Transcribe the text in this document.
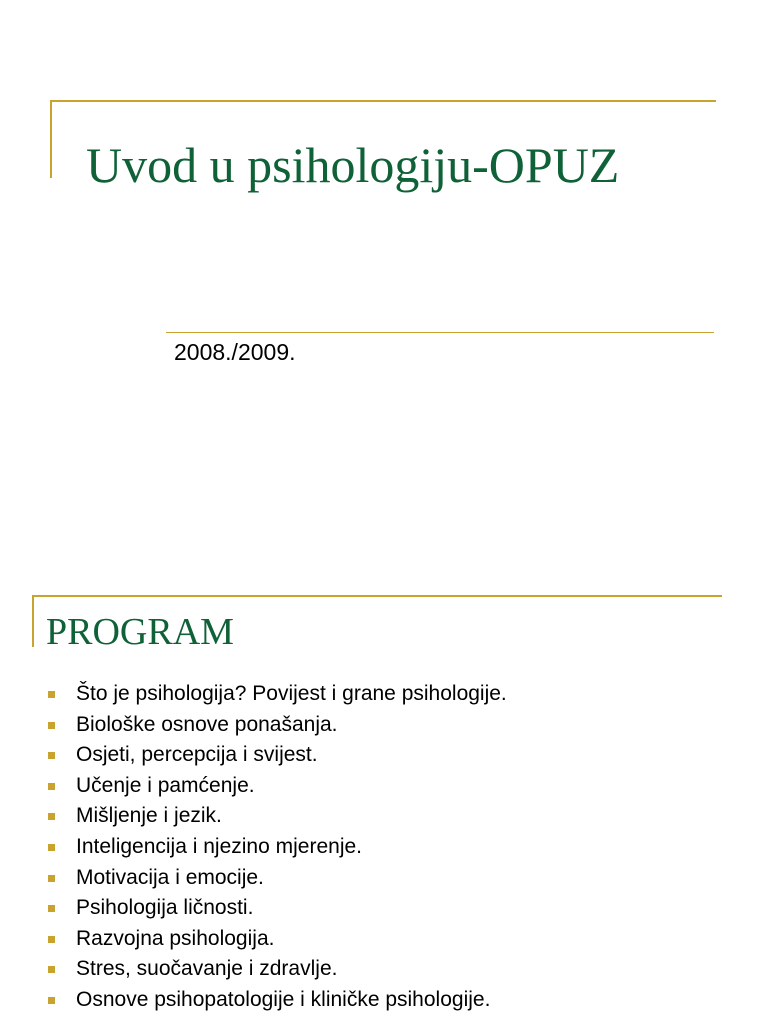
Uvod u psihologiju-OPUZ
2008./2009.
PROGRAM
Što je psihologija? Povijest i grane psihologije.
Biološke osnove ponašanja.
Osjeti, percepcija i svijest.
Učenje i pamćenje.
Mišljenje i jezik.
Inteligencija i njezino mjerenje.
Motivacija i emocije.
Psihologija ličnosti.
Razvojna psihologija.
Stres, suočavanje i zdravlje.
Osnove psihopatologije i kliničke psihologije.
